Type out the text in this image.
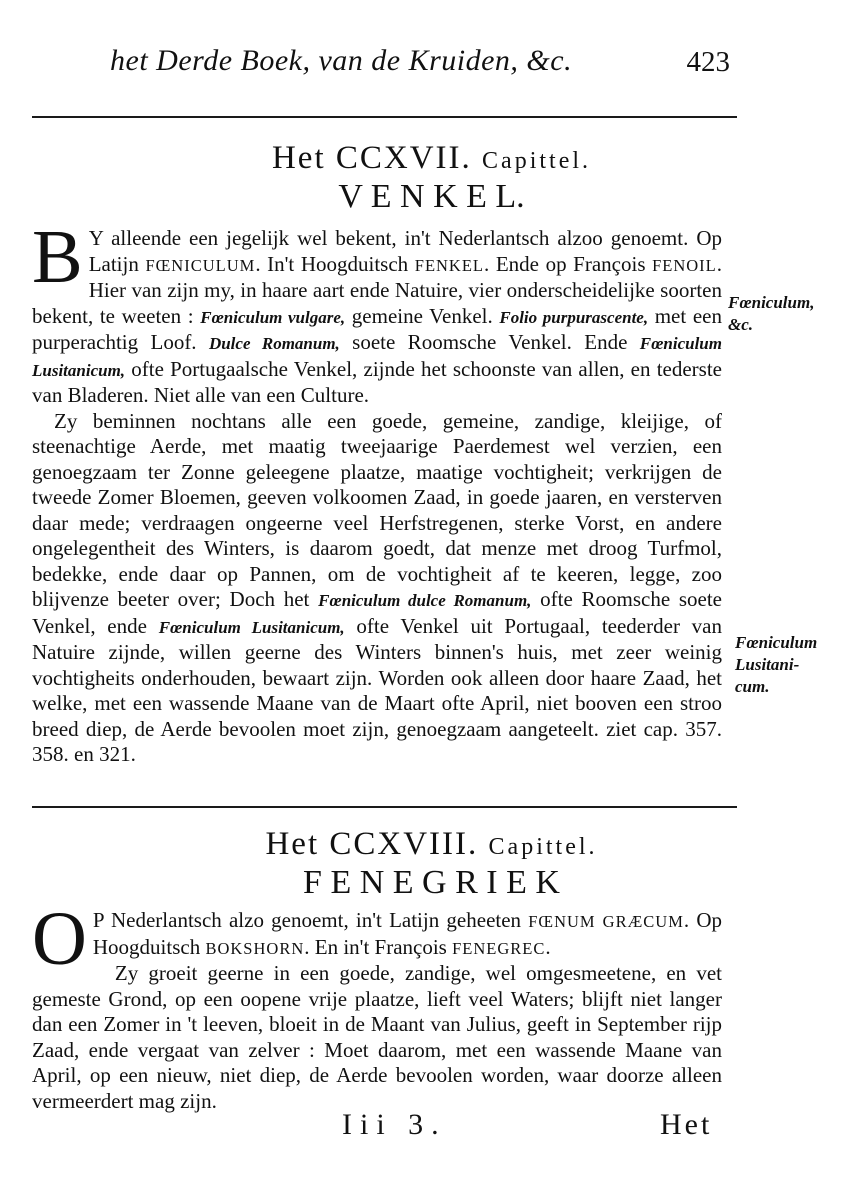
het Derde Boek, van de Kruiden, &c.	423
Het CCXVII. Capittel.
V E N K E L.
B Y alleende een jegelijk wel bekent, in't Nederlantsch alzoo genoemt. Op Latijn FŒNICULUM. In't Hoogduitsch FENKEL. Ende op François FENOIL. Hier van zijn my, in haare aart ende Natuire, vier onderscheidelijke soorten bekent, te weeten : Fœniculum vulgare, gemeine Venkel. Folio purpurascente, met een purperachtig Loof. Dulce Romanum, soete Roomsche Venkel. Ende Fœniculum Lusitanicum, ofte Portugaalsche Venkel, zijnde het schoonste van allen, en tederste van Bladeren. Niet alle van een Culture.

Zy beminnen nochtans alle een goede, gemeine, zandige, kleijige, of steenachtige Aerde, met maatig tweejaarige Paerdemest wel verzien, een genoegzaam ter Zonne geleegene plaatze, maatige vochtigheit; verkrijgen de tweede Zomer Bloemen, geeven volkoomen Zaad, in goede jaaren, en versterven daar mede; verdraagen ongeerne veel Herfstregenen, sterke Vorst, en andere ongelegentheit des Winters, is daarom goedt, dat menze met droog Turfmol, bedekke, ende daar op Pannen, om de vochtigheit af te keeren, legge, zoo blijvenze beeter over; Doch het Fœniculum dulce Romanum, ofte Roomsche soete Venkel, ende Fœniculum Lusitanicum, ofte Venkel uit Portugaal, teederder van Natuire zijnde, willen geerne des Winters binnen's huis, met zeer weinig vochtigheits onderhouden, bewaart zijn. Worden ook alleen door haare Zaad, het welke, met een wassende Maane van de Maart ofte April, niet booven een stroo breed diep, de Aerde bevoolen moet zijn, genoegzaam aangeteelt. ziet cap. 357. 358. en 321.

Fœniculum,
&c.
Fœniculum
Lusitani-
cum.
Het CCXVIII. Capittel.
F E N E G R I E K
O P Nederlantsch alzo genoemt, in't Latijn geheeten FŒNUM GRÆCUM. Op Hoogduitsch BOKSHORN. En in't François FENEGREC.

Zy groeit geerne in een goede, zandige, wel omgesmeetene, en vet gemeste Grond, op een oopene vrije plaatze, lieft veel Waters; blijft niet langer dan een Zomer in 't leeven, bloeit in de Maant van Julius, geeft in September rijp Zaad, ende vergaat van zelver : Moet daarom, met een wassende Maane van April, op een nieuw, niet diep, de Aerde bevoolen worden, waar doorze alleen vermeerdert mag zijn.

Iii 3.	Het
